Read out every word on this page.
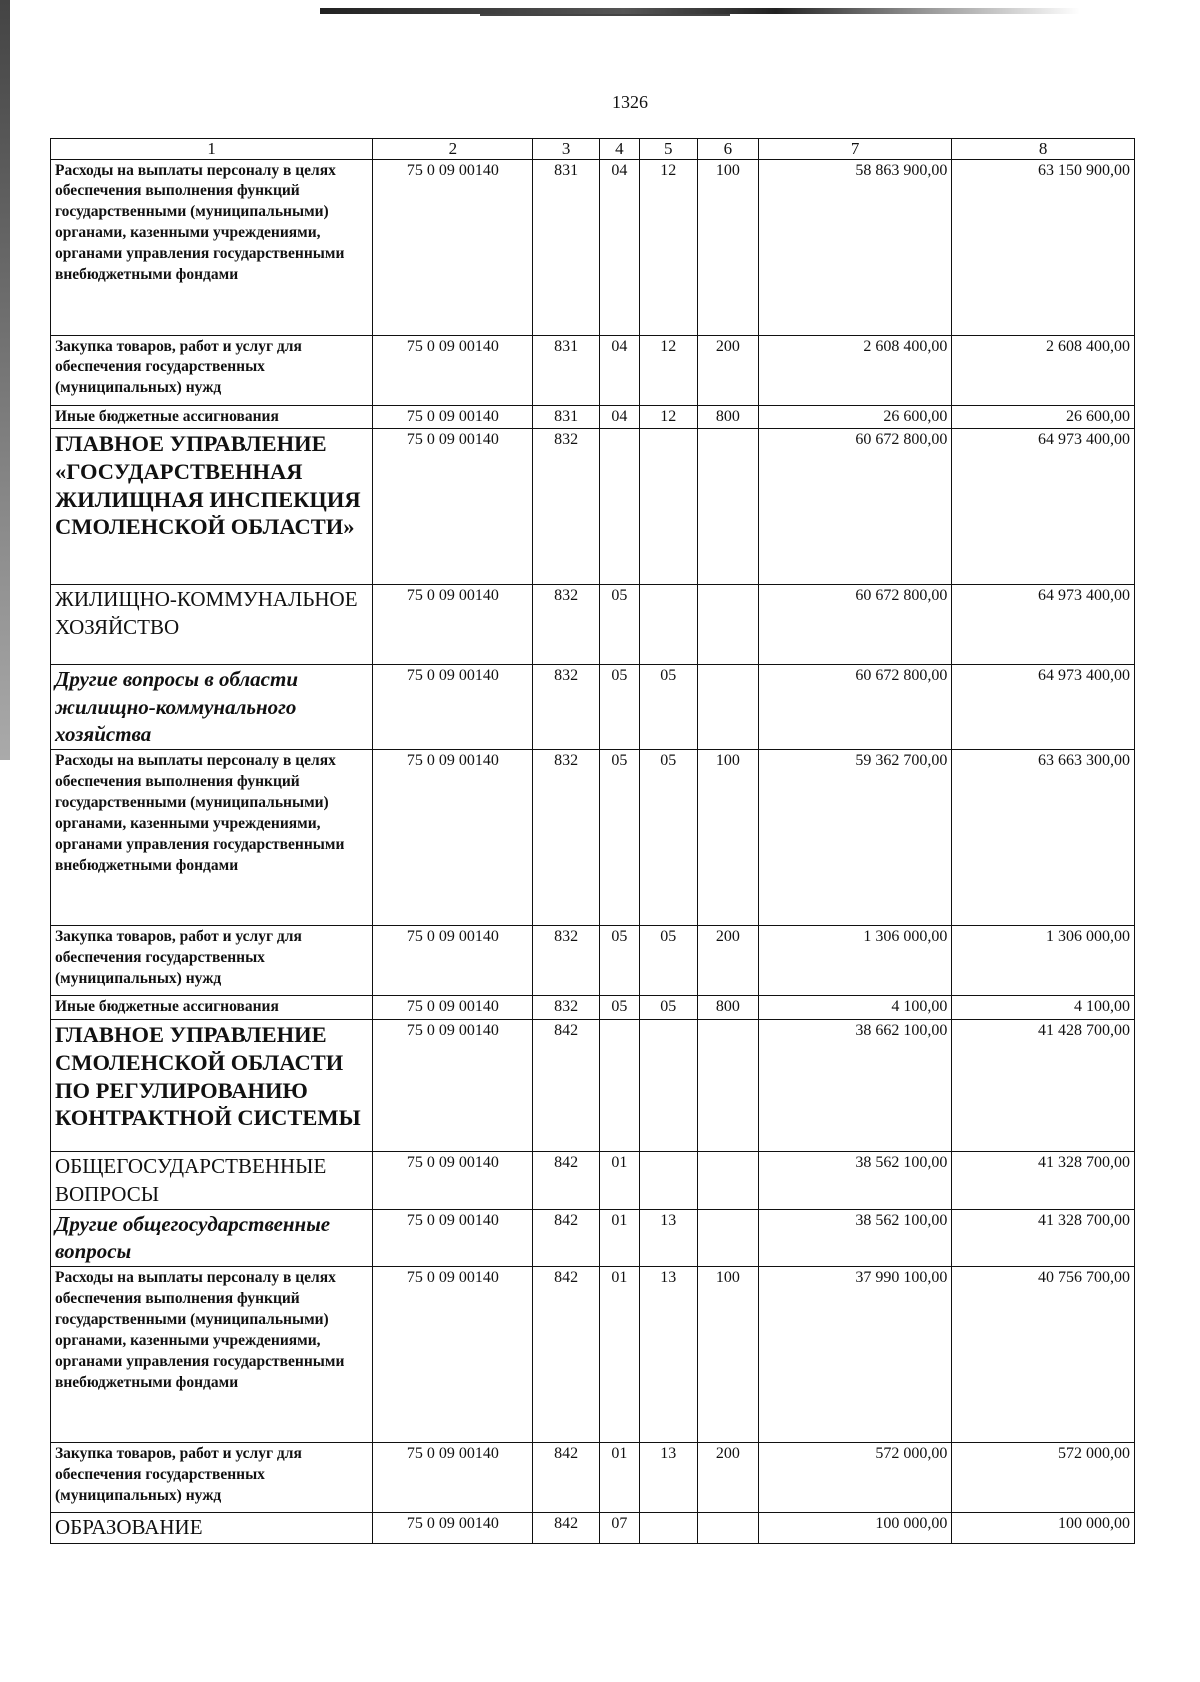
1326
1	2	3	4	5	6	7	8
Расходы на выплаты персоналу в целях обеспечения выполнения функций государственными (муниципальными) органами, казенными учреждениями, органами управления государственными внебюджетными фондами	75 0 09 00140	831	04	12	100	58 863 900,00	63 150 900,00
Закупка товаров, работ и услуг для обеспечения государственных (муниципальных) нужд	75 0 09 00140	831	04	12	200	2 608 400,00	2 608 400,00
Иные бюджетные ассигнования	75 0 09 00140	831	04	12	800	26 600,00	26 600,00
ГЛАВНОЕ УПРАВЛЕНИЕ «ГОСУДАРСТВЕННАЯ ЖИЛИЩНАЯ ИНСПЕКЦИЯ СМОЛЕНСКОЙ ОБЛАСТИ»	75 0 09 00140	832				60 672 800,00	64 973 400,00
ЖИЛИЩНО-КОММУНАЛЬНОЕ ХОЗЯЙСТВО	75 0 09 00140	832	05			60 672 800,00	64 973 400,00
Другие вопросы в области жилищно-коммунального хозяйства	75 0 09 00140	832	05	05		60 672 800,00	64 973 400,00
Расходы на выплаты персоналу в целях обеспечения выполнения функций государственными (муниципальными) органами, казенными учреждениями, органами управления государственными внебюджетными фондами	75 0 09 00140	832	05	05	100	59 362 700,00	63 663 300,00
Закупка товаров, работ и услуг для обеспечения государственных (муниципальных) нужд	75 0 09 00140	832	05	05	200	1 306 000,00	1 306 000,00
Иные бюджетные ассигнования	75 0 09 00140	832	05	05	800	4 100,00	4 100,00
ГЛАВНОЕ УПРАВЛЕНИЕ СМОЛЕНСКОЙ ОБЛАСТИ ПО РЕГУЛИРОВАНИЮ КОНТРАКТНОЙ СИСТЕМЫ	75 0 09 00140	842				38 662 100,00	41 428 700,00
ОБЩЕГОСУДАРСТВЕННЫЕ ВОПРОСЫ	75 0 09 00140	842	01			38 562 100,00	41 328 700,00
Другие общегосударственные вопросы	75 0 09 00140	842	01	13		38 562 100,00	41 328 700,00
Расходы на выплаты персоналу в целях обеспечения выполнения функций государственными (муниципальными) органами, казенными учреждениями, органами управления государственными внебюджетными фондами	75 0 09 00140	842	01	13	100	37 990 100,00	40 756 700,00
Закупка товаров, работ и услуг для обеспечения государственных (муниципальных) нужд	75 0 09 00140	842	01	13	200	572 000,00	572 000,00
ОБРАЗОВАНИЕ	75 0 09 00140	842	07			100 000,00	100 000,00
